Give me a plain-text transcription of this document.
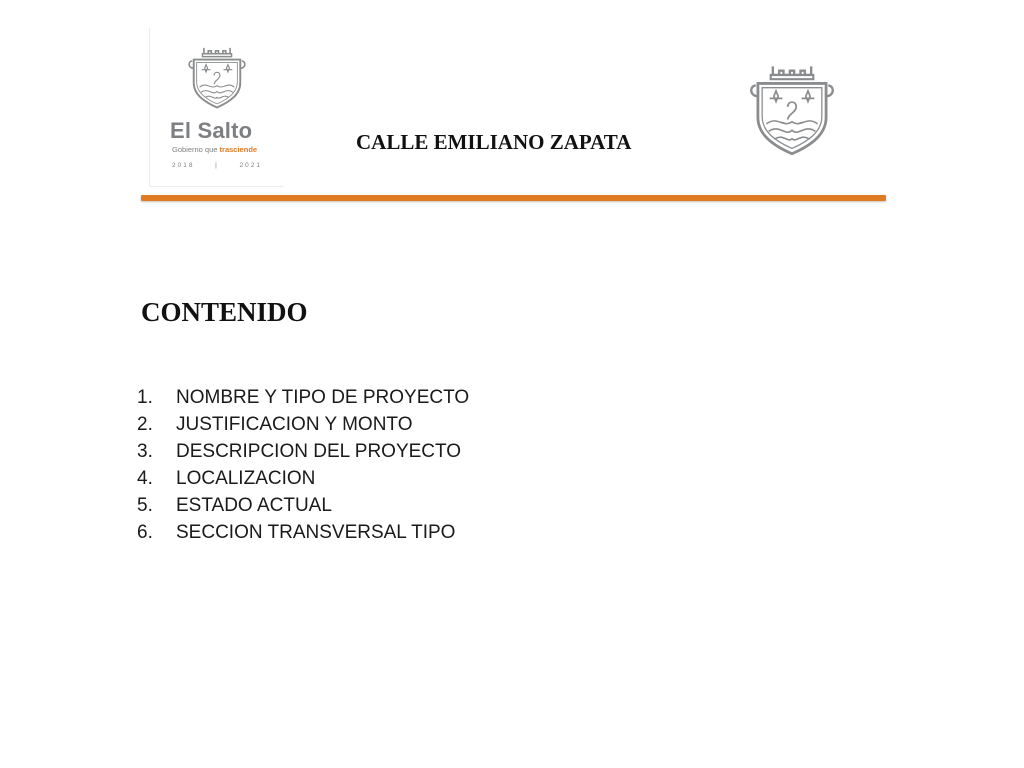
El Salto
Gobierno que trasciende
2018	|	2021
CALLE EMILIANO ZAPATA
CONTENIDO
1.	NOMBRE Y TIPO DE PROYECTO
2.	JUSTIFICACION Y MONTO
3.	DESCRIPCION DEL PROYECTO
4.	LOCALIZACION
5.	ESTADO ACTUAL
6.	SECCION TRANSVERSAL TIPO
